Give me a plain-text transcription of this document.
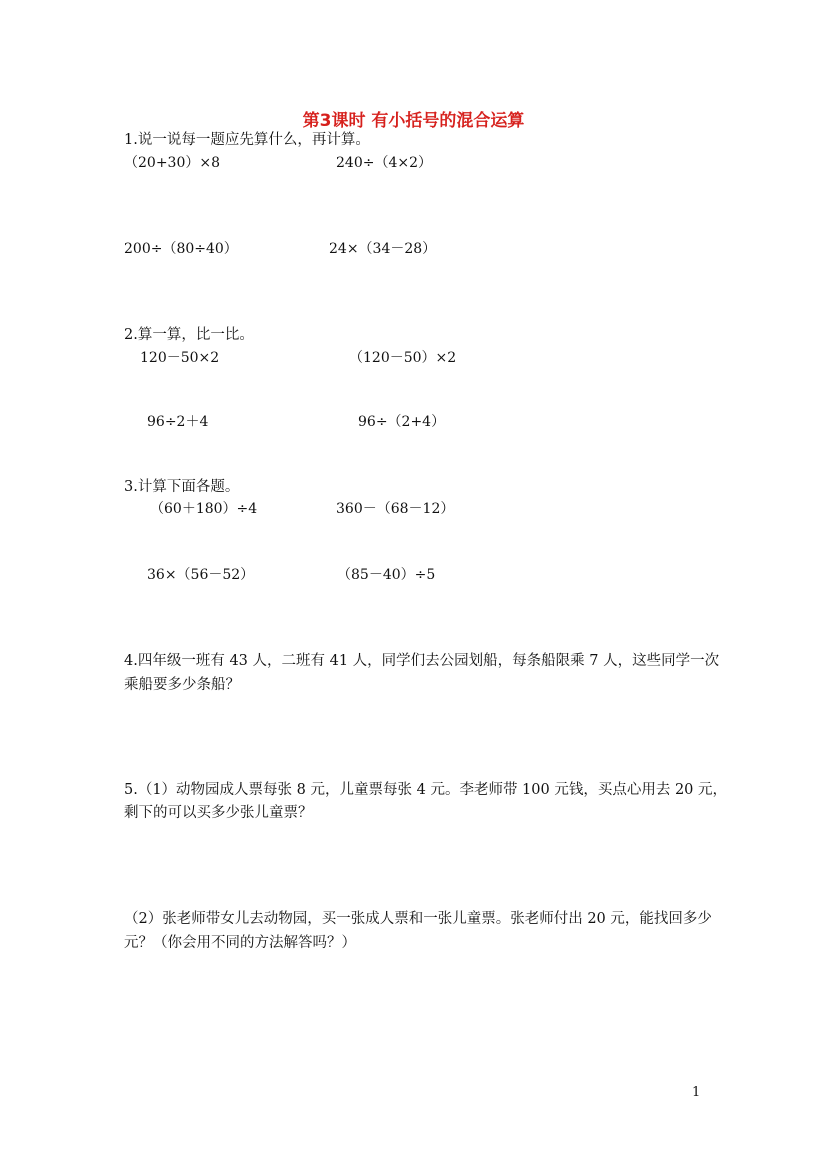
第3课时 有小括号的混合运算
1.说一说每一题应先算什么，再计算。
（20+30）×8	240÷（4×2）
200÷（80÷40）	24×（34－28）
2.算一算，比一比。
120－50×2	（120－50）×2
96÷2＋4	96÷（2+4）
3.计算下面各题。
（60＋180）÷4	360－（68－12）
36×（56－52）	（85－40）÷5
4.四年级一班有 43 人，二班有 41 人，同学们去公园划船，每条船限乘 7 人，这些同学一次
乘船要多少条船？
5.（1）动物园成人票每张 8 元，儿童票每张 4 元。李老师带 100 元钱，买点心用去 20 元，
剩下的可以买多少张儿童票？
（2）张老师带女儿去动物园，买一张成人票和一张儿童票。张老师付出 20 元，能找回多少
元？（你会用不同的方法解答吗？）
1
